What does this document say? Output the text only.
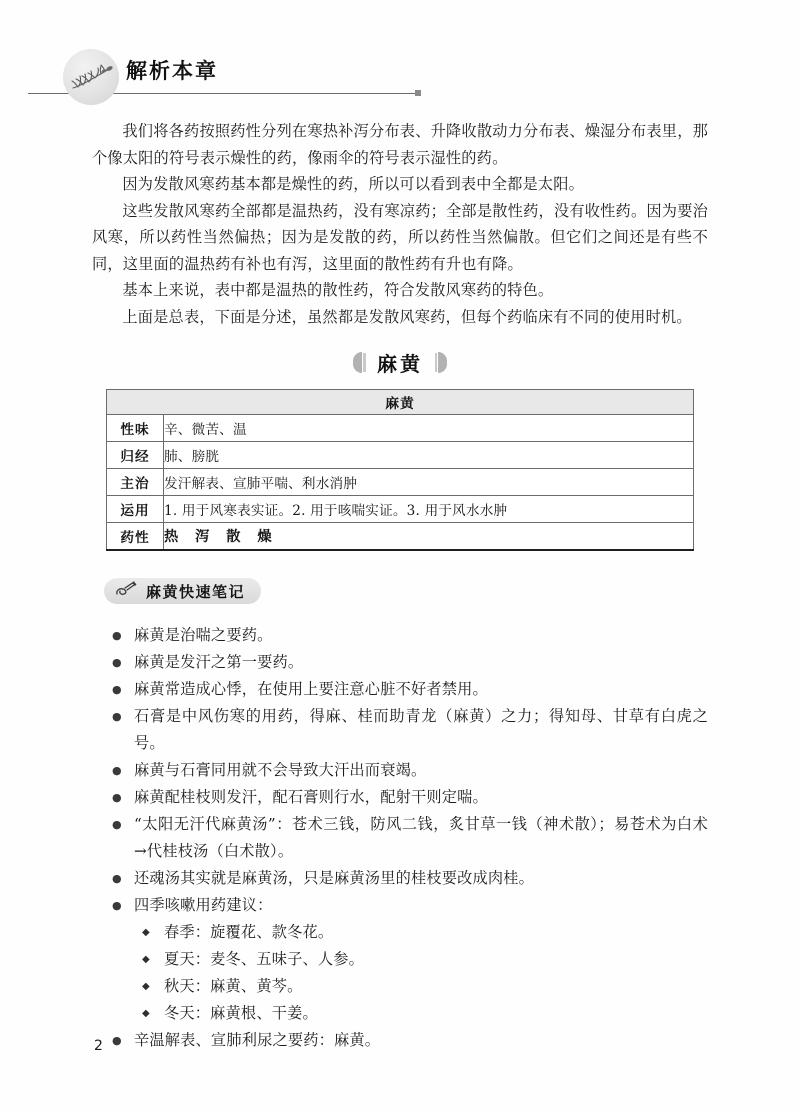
解析本章

我们将各药按照药性分列在寒热补泻分布表、升降收散动力分布表、燥湿分布表里，那个像太阳的符号表示燥性的药，像雨伞的符号表示湿性的药。

因为发散风寒药基本都是燥性的药，所以可以看到表中全都是太阳。

这些发散风寒药全部都是温热药，没有寒凉药；全部是散性药，没有收性药。因为要治风寒，所以药性当然偏热；因为是发散的药，所以药性当然偏散。但它们之间还是有些不同，这里面的温热药有补也有泻，这里面的散性药有升也有降。

基本上来说，表中都是温热的散性药，符合发散风寒药的特色。

上面是总表，下面是分述，虽然都是发散风寒药，但每个药临床有不同的使用时机。

麻黄
麻黄	
性味	辛、微苦、温
归经	肺、膀胱
主治	发汗解表、宣肺平喘、利水消肿
运用	1. 用于风寒表实证。2. 用于咳喘实证。3. 用于风水水肿
药性	热 泻 散 燥
麻黄快速笔记
● 麻黄是治喘之要药。
● 麻黄是发汗之第一要药。
● 麻黄常造成心悸，在使用上要注意心脏不好者禁用。
● 石膏是中风伤寒的用药，得麻、桂而助青龙（麻黄）之力；得知母、甘草有白虎之号。
● 麻黄与石膏同用就不会导致大汗出而衰竭。
● 麻黄配桂枝则发汗，配石膏则行水，配射干则定喘。
● “太阳无汗代麻黄汤”：苍术三钱，防风二钱，炙甘草一钱（神术散）；易苍术为白术→代桂枝汤（白术散）。
● 还魂汤其实就是麻黄汤，只是麻黄汤里的桂枝要改成肉桂。
● 四季咳嗽用药建议：
◆ 春季：旋覆花、款冬花。
◆ 夏天：麦冬、五味子、人参。
◆ 秋天：麻黄、黄芩。
◆ 冬天：麻黄根、干姜。
● 辛温解表、宣肺利尿之要药：麻黄。
2
